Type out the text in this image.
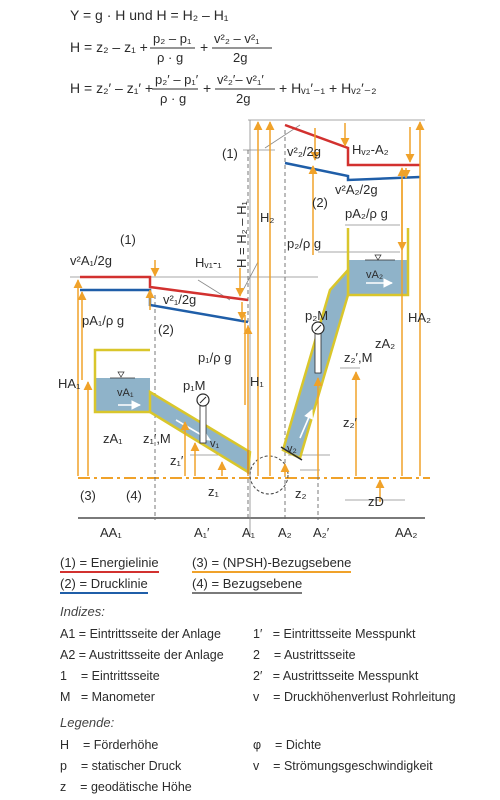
Y = g · H und H = H₂ – H₁
H = z₂ – z₁ +
p₂ – p₁
ρ · g
+
v²₂ – v²₁
2g
H = z₂′ – z₁′ +
p₂′ – p₁′
ρ · g
+
v²₂′– v²₁′
2g
+ Hᵥ₁′₋₁ + Hᵥ₂′₋₂
(1)
(2)
(1)
(2)
(3) (4)
v²₂/2g Hᵥ₂-A₂
v²A₂/2g
pA₂/ρ g
H₂
p₂/ρ g
H = H₂ – H₁
vA₂
p₂M
z₂′,M
zA₂
HA₂
z₂′
v²A₁/2g	Hᵥ₁-₁
v²₁/2g
pA₁/ρ g
p₁/ρ g
HA₁	H₁
vA₁	p₁M
zA₁ z₁′,M
z₁′
v₁	v₂
z₁	z₂
zD
AA₁	A₁′	A₁ A₂ A₂′	AA₂
(1) = Energielinie
(2) = Drucklinie
(3) = (NPSH)-Bezugsebene
(4) = Bezugsebene
Indizes:
A1 = Eintrittsseite der Anlage	1′ = Eintrittsseite Messpunkt
A2 = Austrittsseite der Anlage 2 = Austrittsseite
1 = Eintrittsseite	2′ = Austrittsseite Messpunkt
M = Manometer	v = Druckhöhenverlust Rohrleitung
Legende:
H = Förderhöhe	φ = Dichte
p = statischer Druck	v = Strömungsgeschwindigkeit
z = geodätische Höhe
